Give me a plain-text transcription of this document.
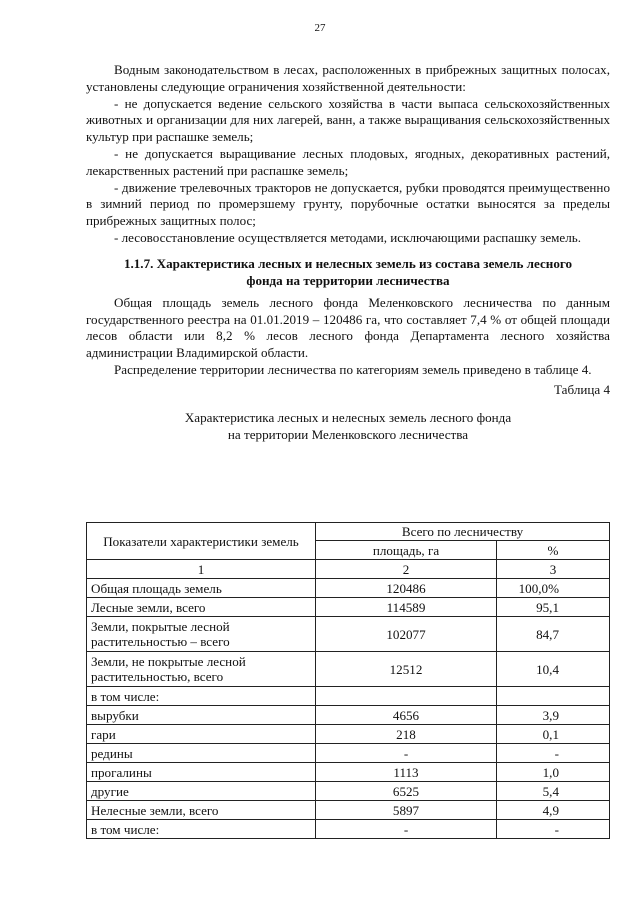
27

Водным законодательством в лесах, расположенных в прибрежных защитных полосах, установлены следующие ограничения хозяйственной деятельности:

- не допускается ведение сельского хозяйства в части выпаса сельскохозяйственных животных и организации для них лагерей, ванн, а также выращивания сельскохозяйственных культур при распашке земель;

- не допускается выращивание лесных плодовых, ягодных, декоративных растений, лекарственных растений при распашке земель;

- движение трелевочных тракторов не допускается, рубки проводятся преимущественно в зимний период по промерзшему грунту, порубочные остатки выносятся за пределы прибрежных защитных полос;

- лесовосстановление осуществляется методами, исключающими распашку земель.

1.1.7. Характеристика лесных и нелесных земель из состава земель лесного
фонда на территории лесничества

Общая площадь земель лесного фонда Меленковского лесничества по данным государственного реестра на 01.01.2019 – 120486 га, что составляет 7,4 % от общей площади лесов области или 8,2 % лесов лесного фонда Департамента лесного хозяйства администрации Владимирской области.

Распределение территории лесничества по категориям земель приведено в таблице 4.

Таблица 4
Характеристика лесных и нелесных земель лесного фонда
на территории Меленковского лесничества
Показатели характеристики земель	Всего по лесничеству	
	площадь, га	%
1	2	3
Общая площадь земель	120486	100,0%
Лесные земли, всего	114589	95,1
Земли, покрытые лесной растительностью – всего	102077	84,7
Земли, не покрытые лесной растительностью, всего	12512	10,4
в том числе:		
вырубки	4656	3,9
гари	218	0,1
редины	-	-
прогалины	1113	1,0
другие	6525	5,4
Нелесные земли, всего	5897	4,9
в том числе:	-	-
